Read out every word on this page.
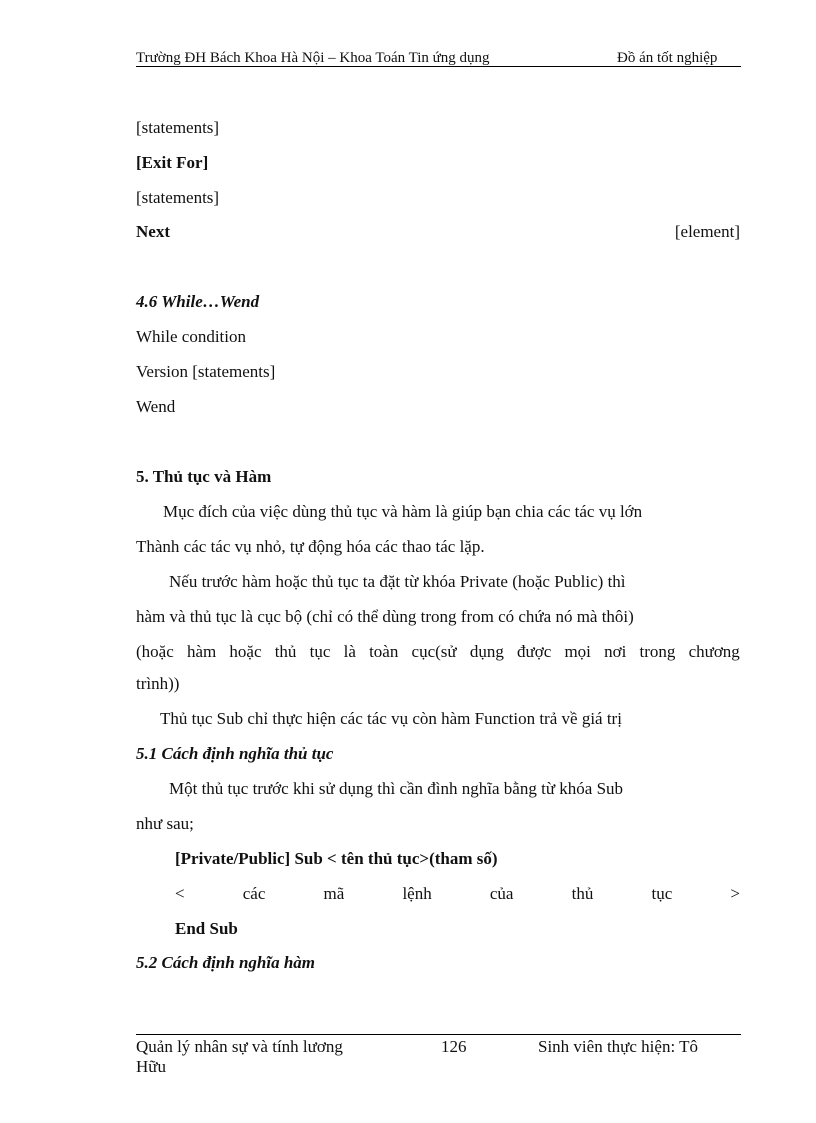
Trường ĐH Bách Khoa Hà Nội – Khoa Toán Tin ứng dụng	Đồ án tốt nghiệp
[statements]
[Exit For]
[statements]
Next	[element]
4.6 While…Wend
While condition
Version [statements]
Wend
5. Thủ tục và Hàm
Mục đích của việc dùng thủ tục và hàm là giúp bạn chia các tác vụ lớn
Thành các tác vụ nhỏ, tự động hóa các thao tác lặp.
Nếu trước hàm hoặc thủ tục ta đặt từ khóa Private (hoặc Public) thì
hàm và thủ tục là cục bộ (chỉ có thể dùng trong from có chứa nó mà thôi)
(hoặc hàm hoặc thủ tục là toàn cục(sử dụng được mọi nơi trong chương
trình))
Thủ tục Sub chỉ thực hiện các tác vụ còn hàm Function trả về giá trị
5.1 Cách định nghĩa thủ tục
Một thủ tục trước khi sử dụng thì cần đình nghĩa bằng từ khóa Sub
như sau;
[Private/Public] Sub < tên thủ tục>(tham số)
<	các	mã	lệnh	của	thủ	tục	>
End Sub
5.2 Cách định nghĩa hàm
Quản lý nhân sự và tính lương	126	Sinh viên thực hiện: Tô
Hữu
